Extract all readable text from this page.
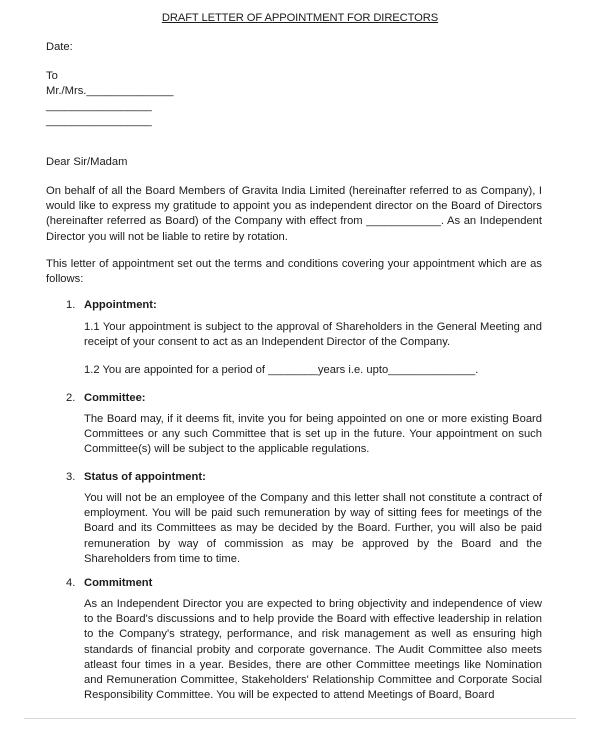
DRAFT LETTER OF APPOINTMENT FOR DIRECTORS
Date:
To
Mr./Mrs.______________
_________________
_________________
Dear Sir/Madam
On behalf of all the Board Members of Gravita India Limited (hereinafter referred to as Company), I would like to express my gratitude to appoint you as independent director on the Board of Directors (hereinafter referred as Board) of the Company with effect from ____________. As an Independent Director you will not be liable to retire by rotation.
This letter of appointment set out the terms and conditions covering your appointment which are as follows:
1. Appointment:
1.1 Your appointment is subject to the approval of Shareholders in the General Meeting and receipt of your consent to act as an Independent Director of the Company.
1.2 You are appointed for a period of ________years i.e. upto______________.
2. Committee:
The Board may, if it deems fit, invite you for being appointed on one or more existing Board Committees or any such Committee that is set up in the future. Your appointment on such Committee(s) will be subject to the applicable regulations.
3. Status of appointment:
You will not be an employee of the Company and this letter shall not constitute a contract of employment. You will be paid such remuneration by way of sitting fees for meetings of the Board and its Committees as may be decided by the Board. Further, you will also be paid remuneration by way of commission as may be approved by the Board and the Shareholders from time to time.
4. Commitment
As an Independent Director you are expected to bring objectivity and independence of view to the Board's discussions and to help provide the Board with effective leadership in relation to the Company's strategy, performance, and risk management as well as ensuring high standards of financial probity and corporate governance. The Audit Committee also meets atleast four times in a year. Besides, there are other Committee meetings like Nomination and Remuneration Committee, Stakeholders' Relationship Committee and Corporate Social Responsibility Committee. You will be expected to attend Meetings of Board, Board
